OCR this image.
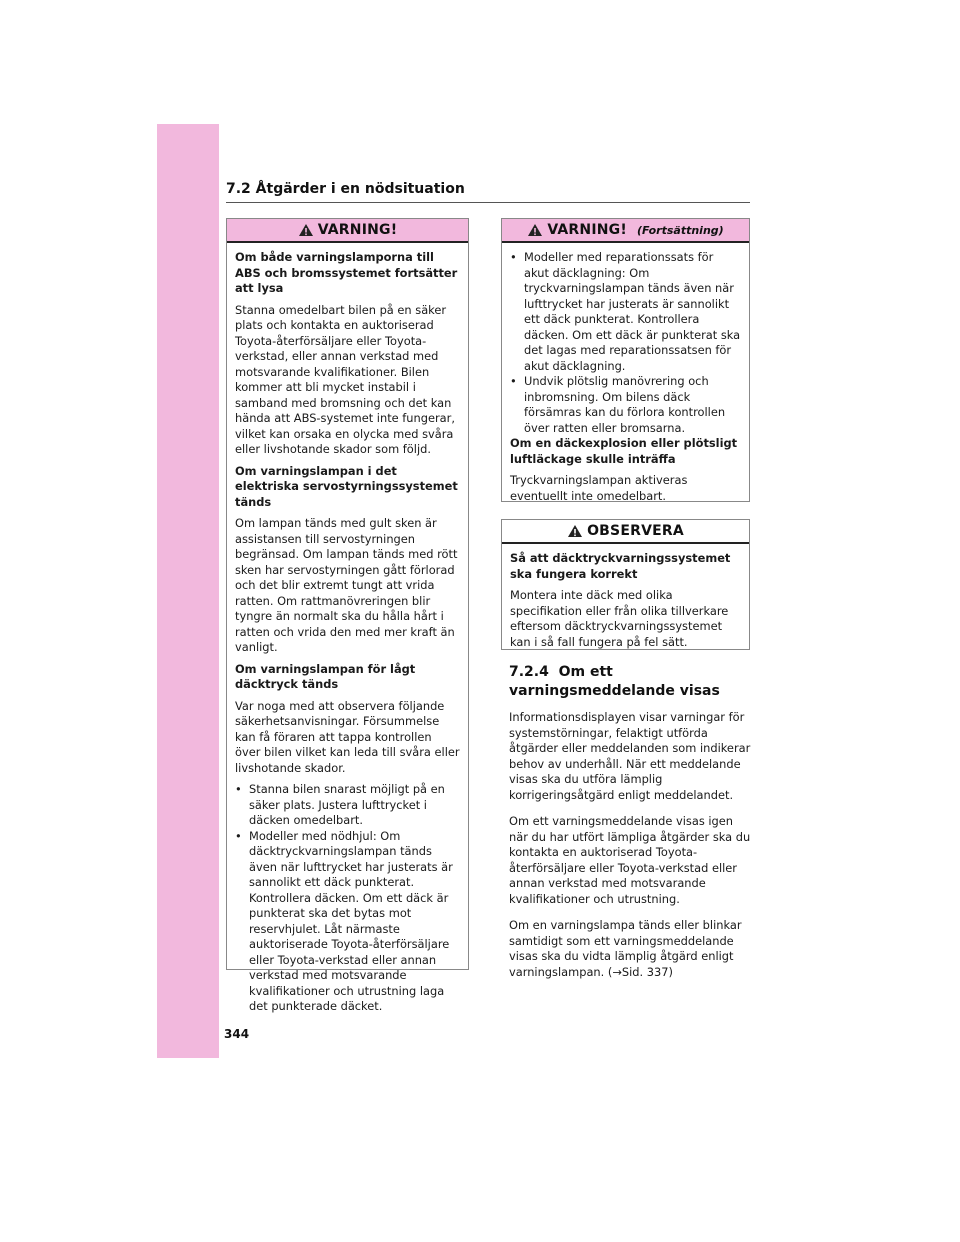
7.2 Åtgärder i en nödsituation
VARNING!

Om både varningslamporna till ABS och bromssystemet fortsätter att lysa

Stanna omedelbart bilen på en säker plats och kontakta en auktoriserad Toyota-återförsäljare eller Toyota-verkstad, eller annan verkstad med motsvarande kvalifikationer. Bilen kommer att bli mycket instabil i samband med bromsning och det kan hända att ABS-systemet inte fungerar, vilket kan orsaka en olycka med svåra eller livshotande skador som följd.

Om varningslampan i det elektriska servostyrningssystemet tänds

Om lampan tänds med gult sken är assistansen till servostyrningen begränsad. Om lampan tänds med rött sken har servostyrningen gått förlorad och det blir extremt tungt att vrida ratten. Om rattmanövreringen blir tyngre än normalt ska du hålla hårt i ratten och vrida den med mer kraft än vanligt.

Om varningslampan för lågt däcktryck tänds

Var noga med att observera följande säkerhetsanvisningar. Försummelse kan få föraren att tappa kontrollen över bilen vilket kan leda till svåra eller livshotande skador.

• Stanna bilen snarast möjligt på en säker plats. Justera lufttrycket i däcken omedelbart.
• Modeller med nödhjul: Om däcktryckvarningslampan tänds även när lufttrycket har justerats är sannolikt ett däck punkterat. Kontrollera däcken. Om ett däck är punkterat ska det bytas mot reservhjulet. Låt närmaste auktoriserade Toyota-återförsäljare eller Toyota-verkstad eller annan verkstad med motsvarande kvalifikationer och utrustning laga det punkterade däcket.
VARNING! (Fortsättning)
• Modeller med reparationssats för akut däcklagning: Om tryckvarningslampan tänds även när lufttrycket har justerats är sannolikt ett däck punkterat. Kontrollera däcken. Om ett däck är punkterat ska det lagas med reparationssatsen för akut däcklagning.
• Undvik plötslig manövrering och inbromsning. Om bilens däck försämras kan du förlora kontrollen över ratten eller bromsarna.

Om en däckexplosion eller plötsligt luftläckage skulle inträffa

Tryckvarningslampan aktiveras eventuellt inte omedelbart.

OBSERVERA

Så att däcktryckvarningssystemet ska fungera korrekt

Montera inte däck med olika specifikation eller från olika tillverkare eftersom däcktryckvarningssystemet kan i så fall fungera på fel sätt.

7.2.4 Om ett
varningsmeddelande visas

Informationsdisplayen visar varningar för systemstörningar, felaktigt utförda åtgärder eller meddelanden som indikerar behov av underhåll. När ett meddelande visas ska du utföra lämplig korrigeringsåtgärd enligt meddelandet.

Om ett varningsmeddelande visas igen när du har utfört lämpliga åtgärder ska du kontakta en auktoriserad Toyota-återförsäljare eller Toyota-verkstad eller annan verkstad med motsvarande kvalifikationer och utrustning.

Om en varningslampa tänds eller blinkar samtidigt som ett varningsmeddelande visas ska du vidta lämplig åtgärd enligt varningslampan. (→Sid. 337)

344
